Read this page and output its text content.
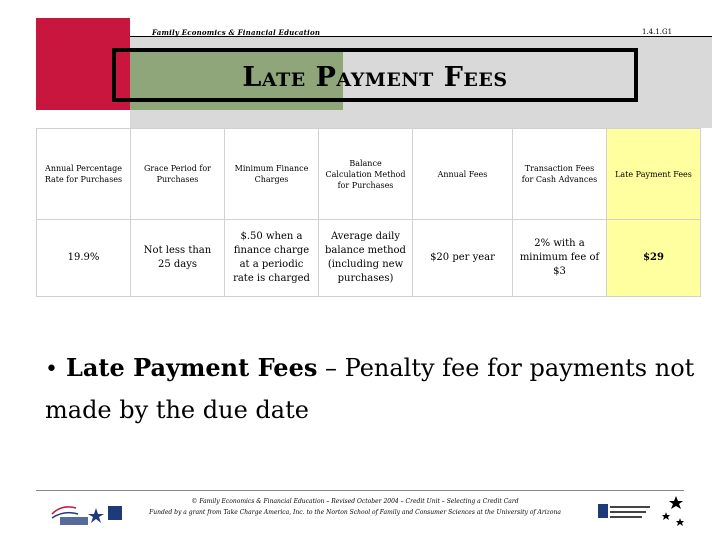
Family Economics & Financial Education	1.4.1.G1
Late Payment Fees
Annual Percentage Rate for Purchases	Grace Period for Purchases	Minimum Finance Charges	Balance Calculation Method for Purchases	Annual Fees	Transaction Fees for Cash Advances	Late Payment Fees
19.9%	Not less than 25 days	$.50 when a finance charge at a periodic rate is charged	Average daily balance method (including new purchases)	$20 per year	2% with a minimum fee of $3	$29
• Late Payment Fees – Penalty fee for payments not made by the due date
© Family Economics & Financial Education – Revised October 2004 – Credit Unit – Selecting a Credit Card
Funded by a grant from Take Charge America, Inc. to the Norton School of Family and Consumer Sciences at the University of Arizona
